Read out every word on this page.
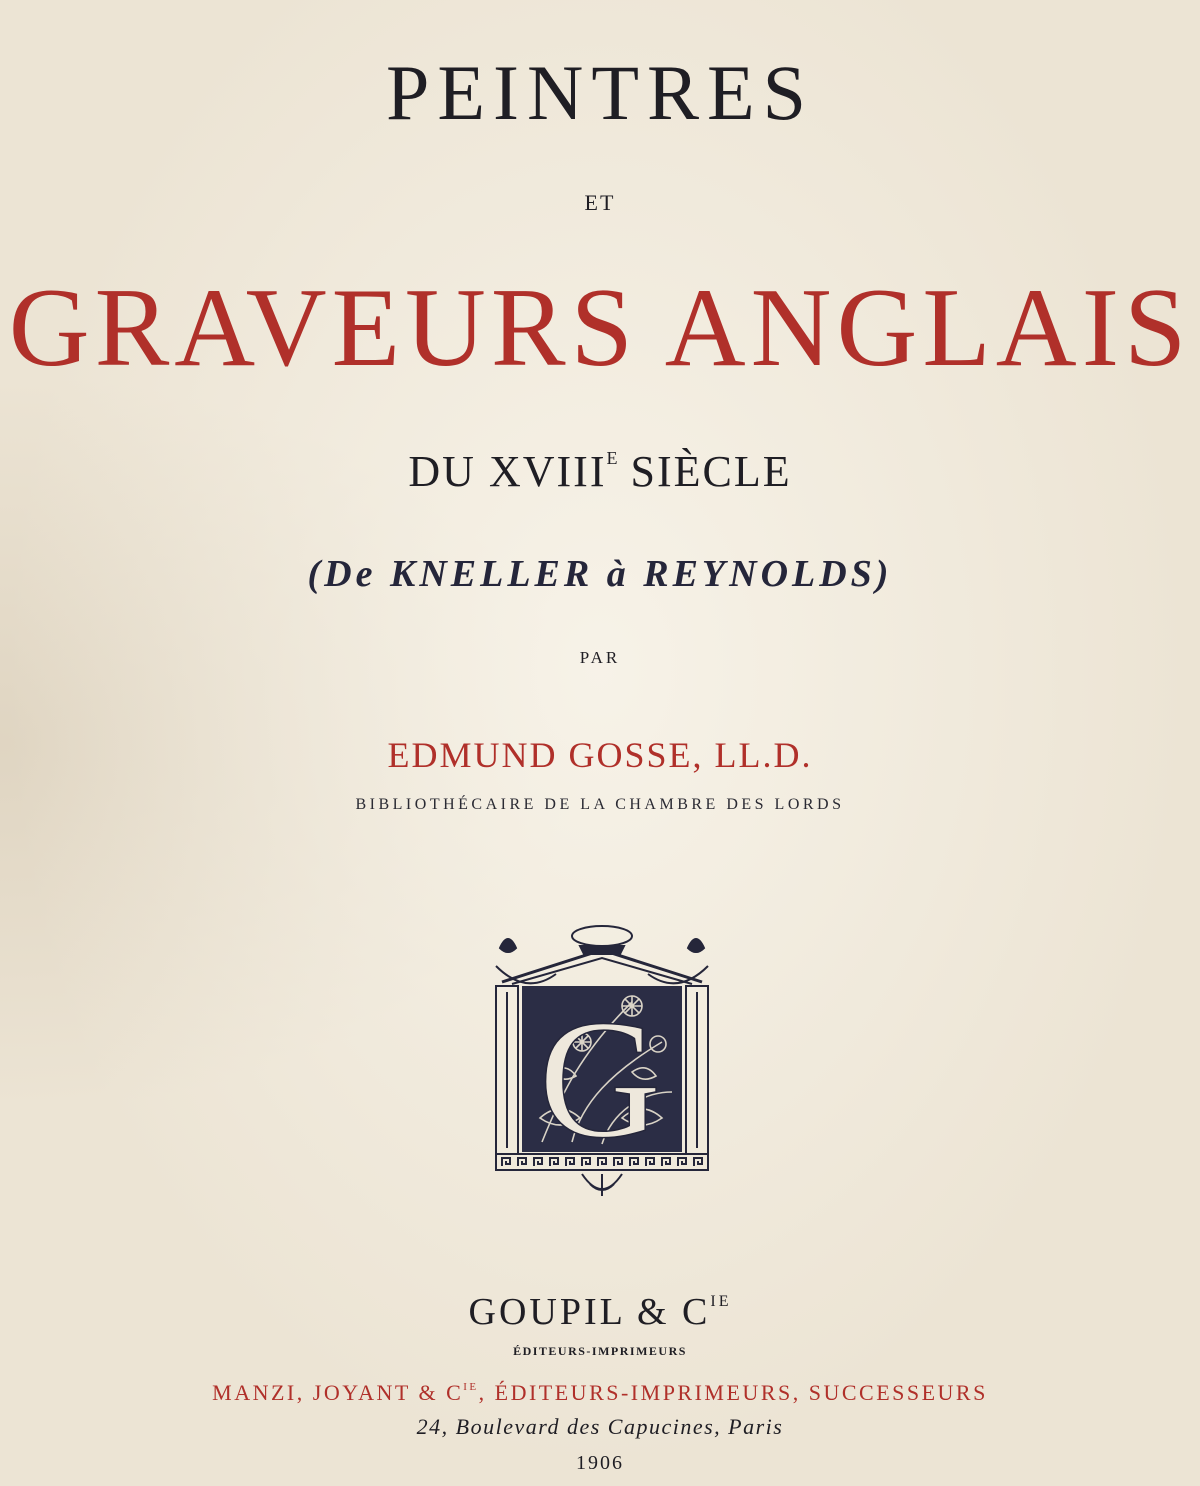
PEINTRES
ET
GRAVEURS ANGLAIS
DU $XVIII^E$ SIÈCLE
(De KNELLER à REYNOLDS)
PAR
EDMUND GOSSE, LL.D.
BIBLIOTHÉCAIRE DE LA CHAMBRE DES LORDS
G
GOUPIL & $C^{IE}$
ÉDITEURS-IMPRIMEURS
MANZI, JOYANT & $C^{IE}$, ÉDITEURS-IMPRIMEURS, SUCCESSEURS
24, Boulevard des Capucines, Paris
1906
